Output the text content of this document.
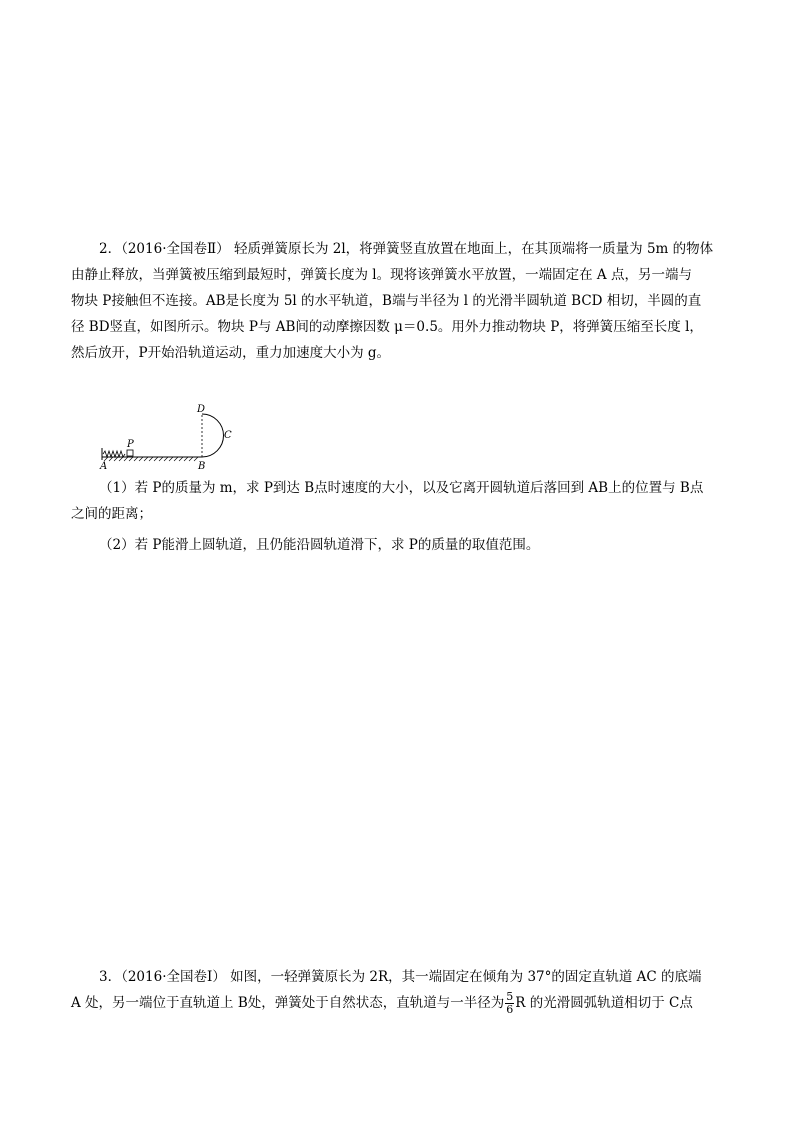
2．（2016·全国卷Ⅱ） 轻质弹簧原长为 2l，将弹簧竖直放置在地面上，在其顶端将一质量为 5m 的物体
由静止释放，当弹簧被压缩到最短时，弹簧长度为 l。现将该弹簧水平放置，一端固定在 A 点，另一端与
物块 P接触但不连接。AB是长度为 5l 的水平轨道，B端与半径为 l 的光滑半圆轨道 BCD 相切，半圆的直
径 BD竖直，如图所示。物块 P与 AB间的动摩擦因数 μ＝0.5。用外力推动物块 P，将弹簧压缩至长度 l，
然后放开，P开始沿轨道运动，重力加速度大小为 g。
A
P
B
C
D
（1）若 P的质量为 m，求 P到达 B点时速度的大小，以及它离开圆轨道后落回到 AB上的位置与 B点
之间的距离；
（2）若 P能滑上圆轨道，且仍能沿圆轨道滑下，求 P的质量的取值范围。
3．（2016·全国卷Ⅰ） 如图，一轻弹簧原长为 2R，其一端固定在倾角为 37°的固定直轨道 AC 的底端
A 处，另一端位于直轨道上 B处，弹簧处于自然状态，直轨道与一半径为 $\frac{5}{6}$ R 的光滑圆弧轨道相切于 C点
